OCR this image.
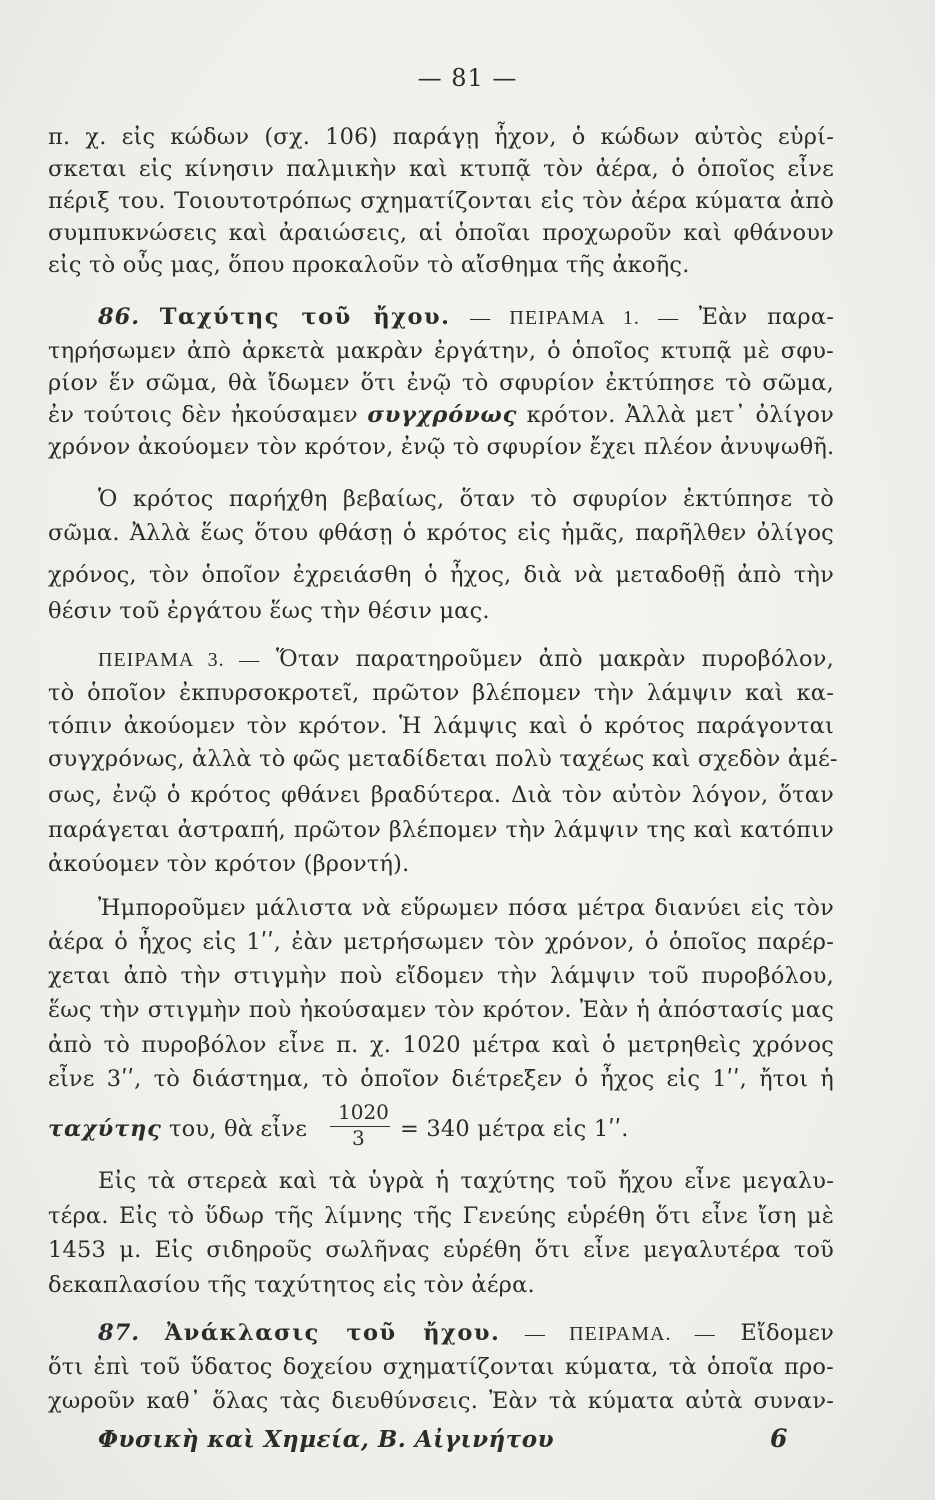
— 81 —
π. χ. εἰς κώδων (σχ. 106) παράγῃ ἦχον, ὁ κώδων αὐτὸς εὑρί-
σκεται εἰς κίνησιν παλμικὴν καὶ κτυπᾷ τὸν ἀέρα, ὁ ὁποῖος εἶνε
πέριξ του. Τοιουτοτρόπως σχηματίζονται εἰς τὸν ἀέρα κύματα ἀπὸ
συμπυκνώσεις καὶ ἀραιώσεις, αἱ ὁποῖαι προχωροῦν καὶ φθάνουν
εἰς τὸ οὖς μας, ὅπου προκαλοῦν τὸ αἴσθημα τῆς ἀκοῆς.
86. Ταχύτης τοῦ ἤχου. — ΠΕΙΡΑΜΑ 1. — Ἐὰν παρα-
τηρήσωμεν ἀπὸ ἀρκετὰ μακρὰν ἐργάτην, ὁ ὁποῖος κτυπᾷ μὲ σφυ-
ρίον ἕν σῶμα, θὰ ἴδωμεν ὅτι ἐνῷ τὸ σφυρίον ἐκτύπησε τὸ σῶμα,
ἐν τούτοις δὲν ἠκούσαμεν συγχρόνως κρότον. Ἀλλὰ μετ᾽ ὀλίγον
χρόνον ἀκούομεν τὸν κρότον, ἐνῷ τὸ σφυρίον ἔχει πλέον ἀνυψωθῆ.
Ὁ κρότος παρήχθη βεβαίως, ὅταν τὸ σφυρίον ἐκτύπησε τὸ
σῶμα. Ἀλλὰ ἕως ὅτου φθάσῃ ὁ κρότος εἰς ἡμᾶς, παρῆλθεν ὀλίγος
χρόνος, τὸν ὁποῖον ἐχρειάσθη ὁ ἦχος, διὰ νὰ μεταδοθῇ ἀπὸ τὴν
θέσιν τοῦ ἐργάτου ἕως τὴν θέσιν μας.
ΠΕΙΡΑΜΑ 3. — Ὅταν παρατηροῦμεν ἀπὸ μακρὰν πυροβόλον,
τὸ ὁποῖον ἐκπυρσοκροτεῖ, πρῶτον βλέπομεν τὴν λάμψιν καὶ κα-
τόπιν ἀκούομεν τὸν κρότον. Ἡ λάμψις καὶ ὁ κρότος παράγονται
συγχρόνως, ἀλλὰ τὸ φῶς μεταδίδεται πολὺ ταχέως καὶ σχεδὸν ἀμέ-
σως, ἐνῷ ὁ κρότος φθάνει βραδύτερα. Διὰ τὸν αὐτὸν λόγον, ὅταν
παράγεται ἀστραπή, πρῶτον βλέπομεν τὴν λάμψιν της καὶ κατόπιν
ἀκούομεν τὸν κρότον (βροντή).
Ἠμποροῦμεν μάλιστα νὰ εὕρωμεν πόσα μέτρα διανύει εἰς τὸν
ἀέρα ὁ ἦχος εἰς 1ʹʹ, ἐὰν μετρήσωμεν τὸν χρόνον, ὁ ὁποῖος παρέρ-
χεται ἀπὸ τὴν στιγμὴν ποὺ εἴδομεν τὴν λάμψιν τοῦ πυροβόλου,
ἕως τὴν στιγμὴν ποὺ ἠκούσαμεν τὸν κρότον. Ἐὰν ἡ ἀπόστασίς μας
ἀπὸ τὸ πυροβόλον εἶνε π. χ. 1020 μέτρα καὶ ὁ μετρηθεὶς χρόνος
εἶνε 3ʹʹ, τὸ διάστημα, τὸ ὁποῖον διέτρεξεν ὁ ἦχος εἰς 1ʹʹ, ἤτοι ἡ
1020
3
ταχύτης του, θὰ εἶνε	= 340 μέτρα εἰς 1ʹʹ.
Εἰς τὰ στερεὰ καὶ τὰ ὑγρὰ ἡ ταχύτης τοῦ ἤχου εἶνε μεγαλυ-
τέρα. Εἰς τὸ ὕδωρ τῆς λίμνης τῆς Γενεύης εὑρέθη ὅτι εἶνε ἴση μὲ
1453 μ. Εἰς σιδηροῦς σωλῆνας εὑρέθη ὅτι εἶνε μεγαλυτέρα τοῦ
δεκαπλασίου τῆς ταχύτητος εἰς τὸν ἀέρα.
87. Ἀνάκλασις τοῦ ἤχου. — ΠΕΙΡΑΜΑ. — Εἴδομεν
ὅτι ἐπὶ τοῦ ὕδατος δοχείου σχηματίζονται κύματα, τὰ ὁποῖα προ-
χωροῦν καθ᾽ ὅλας τὰς διευθύνσεις. Ἐὰν τὰ κύματα αὐτὰ συναν-
Φυσικὴ καὶ Χημεία, Β. Αἰγινήτου	6
